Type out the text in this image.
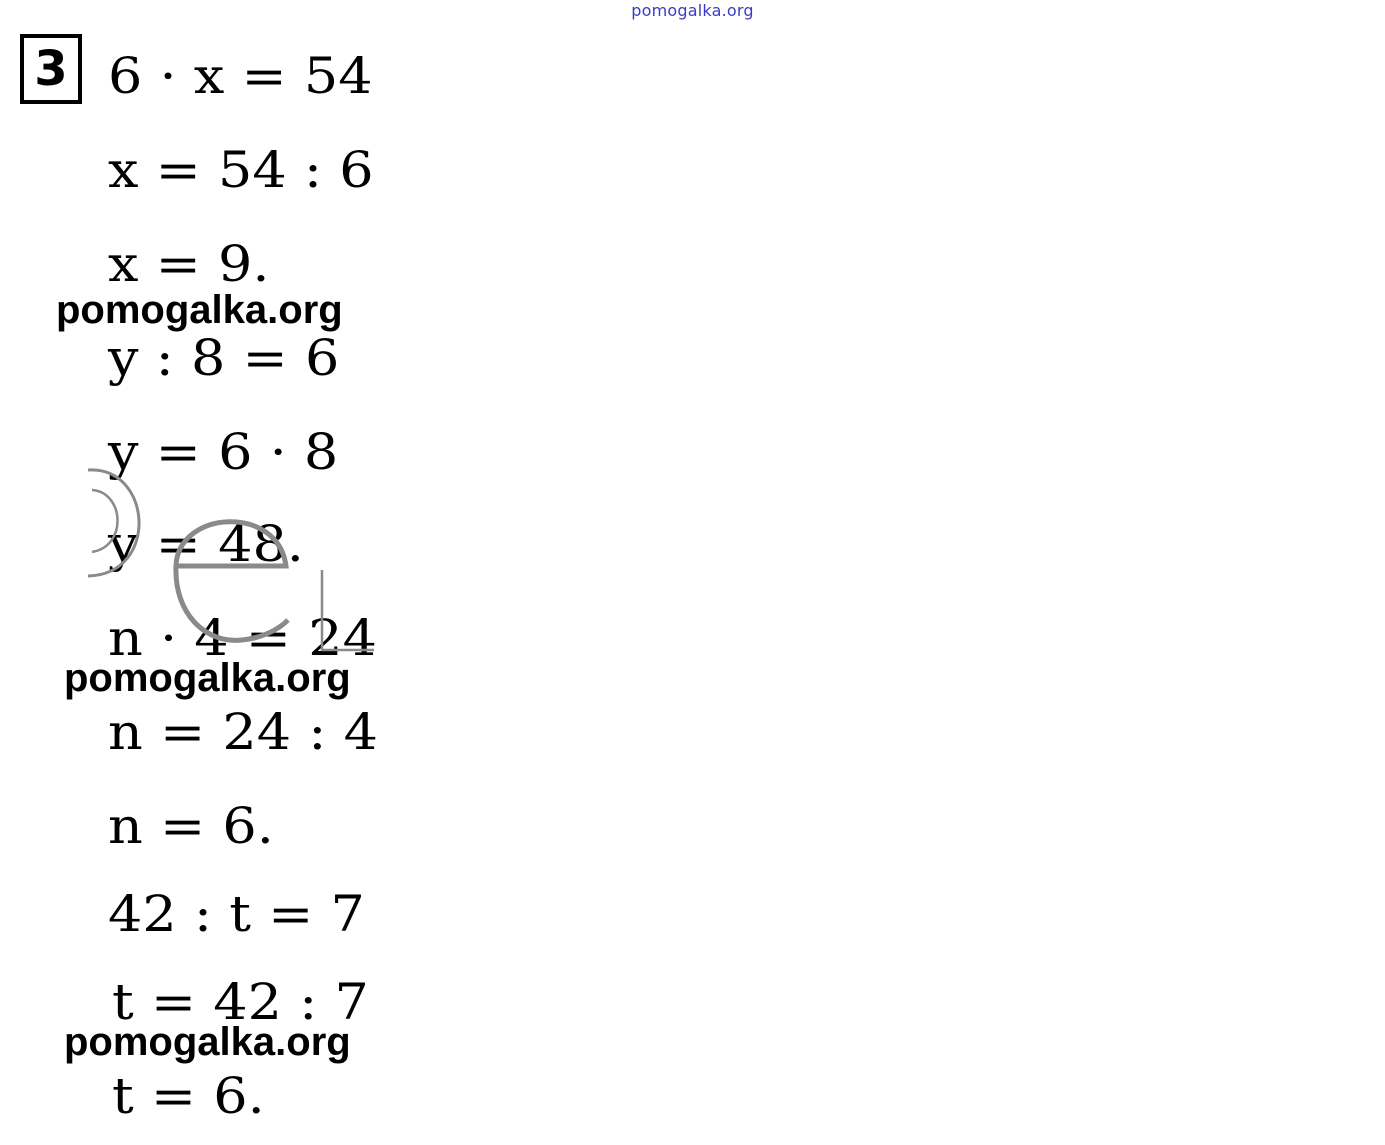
pomogalka.org
3 6 · x = 54
x = 54 : 6
x = 9.
y : 8 = 6
y = 6 · 8
y = 48.
n · 4 = 24
n = 24 : 4
n = 6.
42 : t = 7
t = 42 : 7
t = 6.
pomogalka.org
pomogalka.org
pomogalka.org
